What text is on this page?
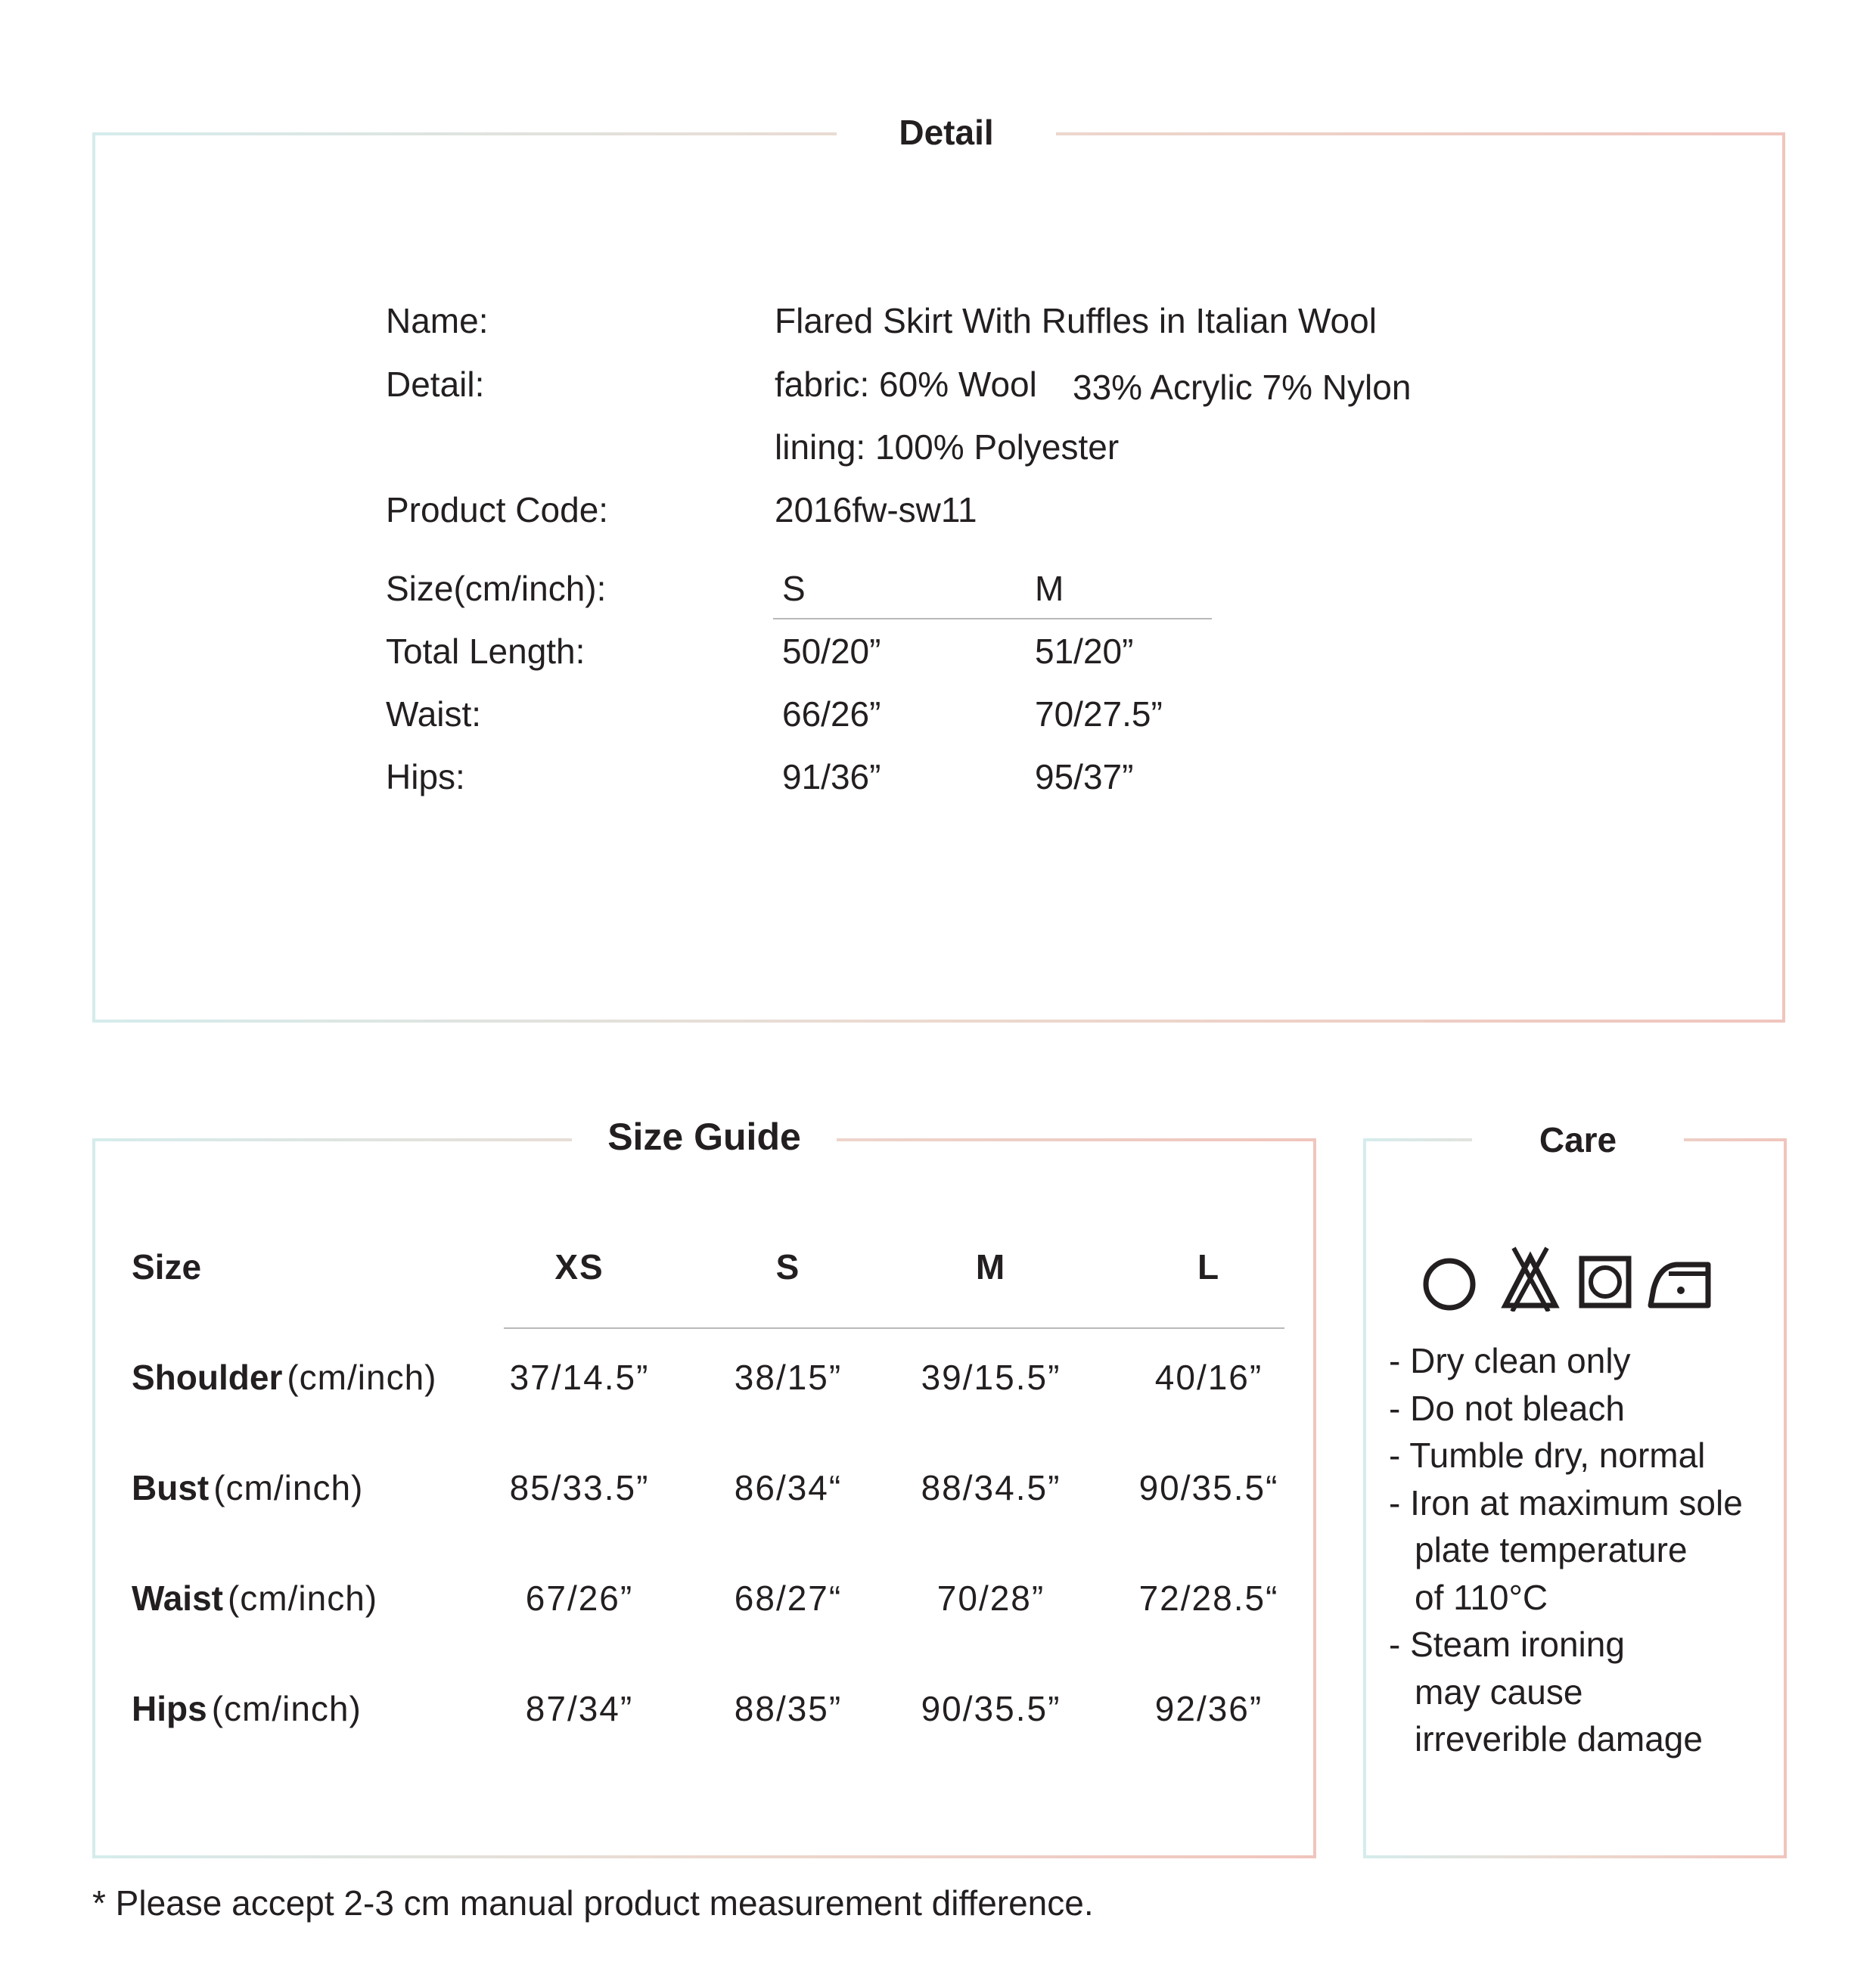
Detail
Name:	Flared Skirt With Ruffles in Italian Wool
Detail:	fabric: 60% Wool 33% Acrylic 7% Nylon
lining: 100% Polyester
Product Code:	2016fw-sw11
Size(cm/inch):	S	M
Total Length:	50/20”	51/20”
Waist:	66/26”	70/27.5”
Hips:	91/36”	95/37”
Size Guide
Size	XS	S	M	L
Shoulder (cm/inch)	37/14.5”	38/15”	39/15.5”	40/16”
Bust (cm/inch)	85/33.5”	86/34“	88/34.5”	90/35.5“
Waist (cm/inch)	67/26”	68/27“	70/28”	72/28.5“
Hips (cm/inch)	87/34”	88/35”	90/35.5”	92/36”
Care
- Dry clean only
- Do not bleach
- Tumble dry, normal
- Iron at maximum sole
plate temperature
of 110°C
- Steam ironing
may cause
irreverible damage
* Please accept 2-3 cm manual product measurement difference.
